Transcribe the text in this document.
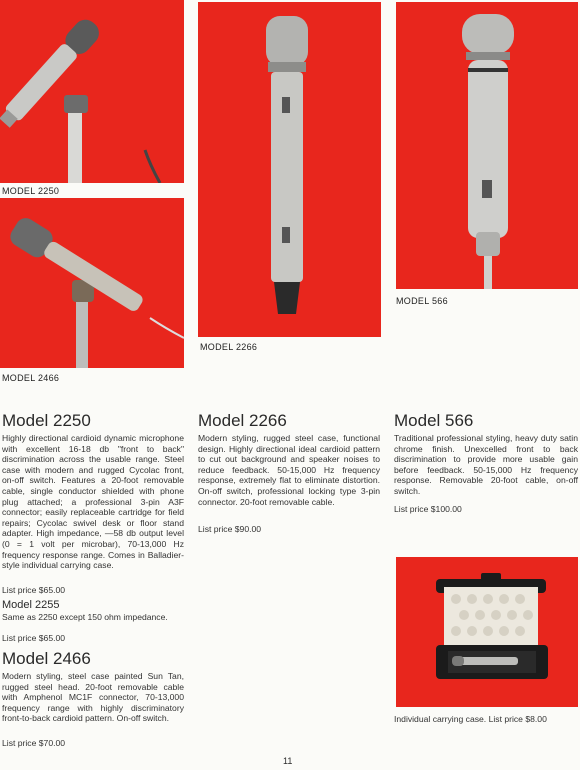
MODEL 2250
MODEL 2466
MODEL 2266
MODEL 566
Model 2250

Highly directional cardioid dynamic microphone with excellent 16-18 db "front to back" discrimination across the usable range. Steel case with modern and rugged Cycolac front, on-off switch. Features a 20-foot removable cable, single conductor shielded with phone plug attached; a professional 3-pin A3F connector; easily replaceable cartridge for field repairs; Cycolac swivel desk or floor stand adapter. High impedance, —58 db output level (0 = 1 volt per microbar), 70-13,000 Hz frequency response range. Comes in Balladier-style individual carrying case.

List price $65.00
Model 2255

Same as 2250 except 150 ohm impedance.

List price $65.00
Model 2466

Modern styling, steel case painted Sun Tan, rugged steel head. 20-foot removable cable with Amphenol MC1F connector, 70-13,000 frequency range with highly discriminatory front-to-back cardioid pattern. On-off switch.

List price $70.00
Model 2266

Modern styling, rugged steel case, functional design. Highly directional ideal cardioid pattern to cut out background and speaker noises to reduce feedback. 50-15,000 Hz frequency response, extremely flat to eliminate distortion. On-off switch, professional locking type 3-pin connector. 20-foot removable cable.

List price $90.00
Model 566

Traditional professional styling, heavy duty satin chrome finish. Unexcelled front to back discrimination to provide more usable gain before feedback. 50-15,000 Hz frequency response. Removable 20-foot cable, on-off switch.

List price $100.00
Individual carrying case. List price $8.00
11
